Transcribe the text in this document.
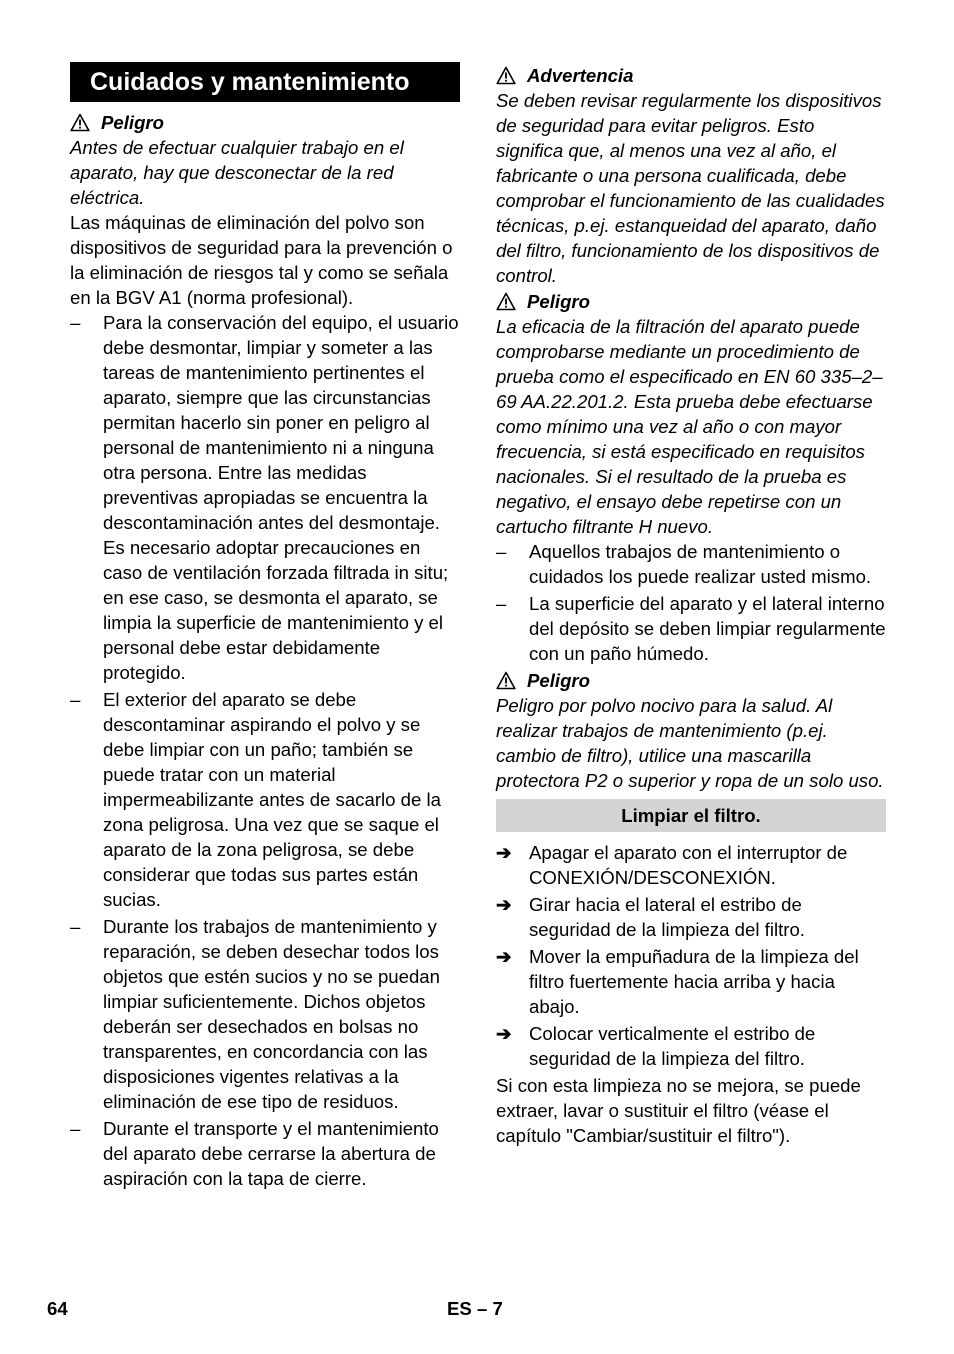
Cuidados y mantenimiento
Peligro

Antes de efectuar cualquier trabajo en el aparato, hay que desconectar de la red eléctrica.

Las máquinas de eliminación del polvo son dispositivos de seguridad para la prevención o la eliminación de riesgos tal y como se señala en la BGV A1 (norma profesional).

–	Para la conservación del equipo, el usuario debe desmontar, limpiar y someter a las tareas de mantenimiento pertinentes el aparato, siempre que las circunstancias permitan hacerlo sin poner en peligro al personal de mantenimiento ni a ninguna otra persona. Entre las medidas preventivas apropiadas se encuentra la descontaminación antes del desmontaje. Es necesario adoptar precauciones en caso de ventilación forzada filtrada in situ; en ese caso, se desmonta el aparato, se limpia la superficie de mantenimiento y el personal debe estar debidamente protegido.
–	El exterior del aparato se debe descontaminar aspirando el polvo y se debe limpiar con un paño; también se puede tratar con un material impermeabilizante antes de sacarlo de la zona peligrosa. Una vez que se saque el aparato de la zona peligrosa, se debe considerar que todas sus partes están sucias.
–	Durante los trabajos de mantenimiento y reparación, se deben desechar todos los objetos que estén sucios y no se puedan limpiar suficientemente. Dichos objetos deberán ser desechados en bolsas no transparentes, en concordancia con las disposiciones vigentes relativas a la eliminación de ese tipo de residuos.
–	Durante el transporte y el mantenimiento del aparato debe cerrarse la abertura de aspiración con la tapa de cierre.
Advertencia

Se deben revisar regularmente los dispositivos de seguridad para evitar peligros. Esto significa que, al menos una vez al año, el fabricante o una persona cualificada, debe comprobar el funcionamiento de las cualidades técnicas, p.ej. estanqueidad del aparato, daño del filtro, funcionamiento de los dispositivos de control.

Peligro

La eficacia de la filtración del aparato puede comprobarse mediante un procedimiento de prueba como el especificado en EN 60 335–2–69 AA.22.201.2. Esta prueba debe efectuarse como mínimo una vez al año o con mayor frecuencia, si está especificado en requisitos nacionales. Si el resultado de la prueba es negativo, el ensayo debe repetirse con un cartucho filtrante H nuevo.

–	Aquellos trabajos de mantenimiento o cuidados los puede realizar usted mismo.
–	La superficie del aparato y el lateral interno del depósito se deben limpiar regularmente con un paño húmedo.
Peligro

Peligro por polvo nocivo para la salud. Al realizar trabajos de mantenimiento (p.ej. cambio de filtro), utilice una mascarilla protectora P2 o superior y ropa de un solo uso.

Limpiar el filtro.
➔ Apagar el aparato con el interruptor de CONEXIÓN/DESCONEXIÓN.
➔ Girar hacia el lateral el estribo de seguridad de la limpieza del filtro.
➔ Mover la empuñadura de la limpieza del filtro fuertemente hacia arriba y hacia abajo.
➔ Colocar verticalmente el estribo de seguridad de la limpieza del filtro.

Si con esta limpieza no se mejora, se puede extraer, lavar o sustituir el filtro (véase el capítulo "Cambiar/sustituir el filtro").

64	ES – 7
